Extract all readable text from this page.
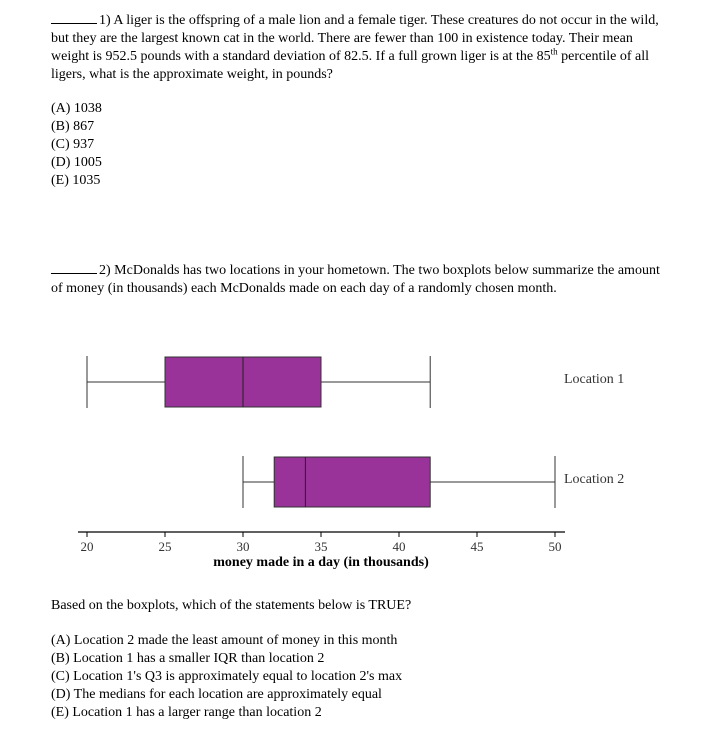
1) A liger is the offspring of a male lion and a female tiger. These creatures do not occur in the wild, but they are the largest known cat in the world. There are fewer than 100 in existence today. Their mean weight is 952.5 pounds with a standard deviation of 82.5. If a full grown liger is at the 85th percentile of all ligers, what is the approximate weight, in pounds?
(A) 1038
(B) 867
(C) 937
(D) 1005
(E) 1035
2) McDonalds has two locations in your hometown. The two boxplots below summarize the amount of money (in thousands) each McDonalds made on each day of a randomly chosen month.
Location 1
Location 2
20	25	30	35	40	45	50
money made in a day (in thousands)
Based on the boxplots, which of the statements below is TRUE?
(A) Location 2 made the least amount of money in this month
(B) Location 1 has a smaller IQR than location 2
(C) Location 1's Q3 is approximately equal to location 2's max
(D) The medians for each location are approximately equal
(E) Location 1 has a larger range than location 2
